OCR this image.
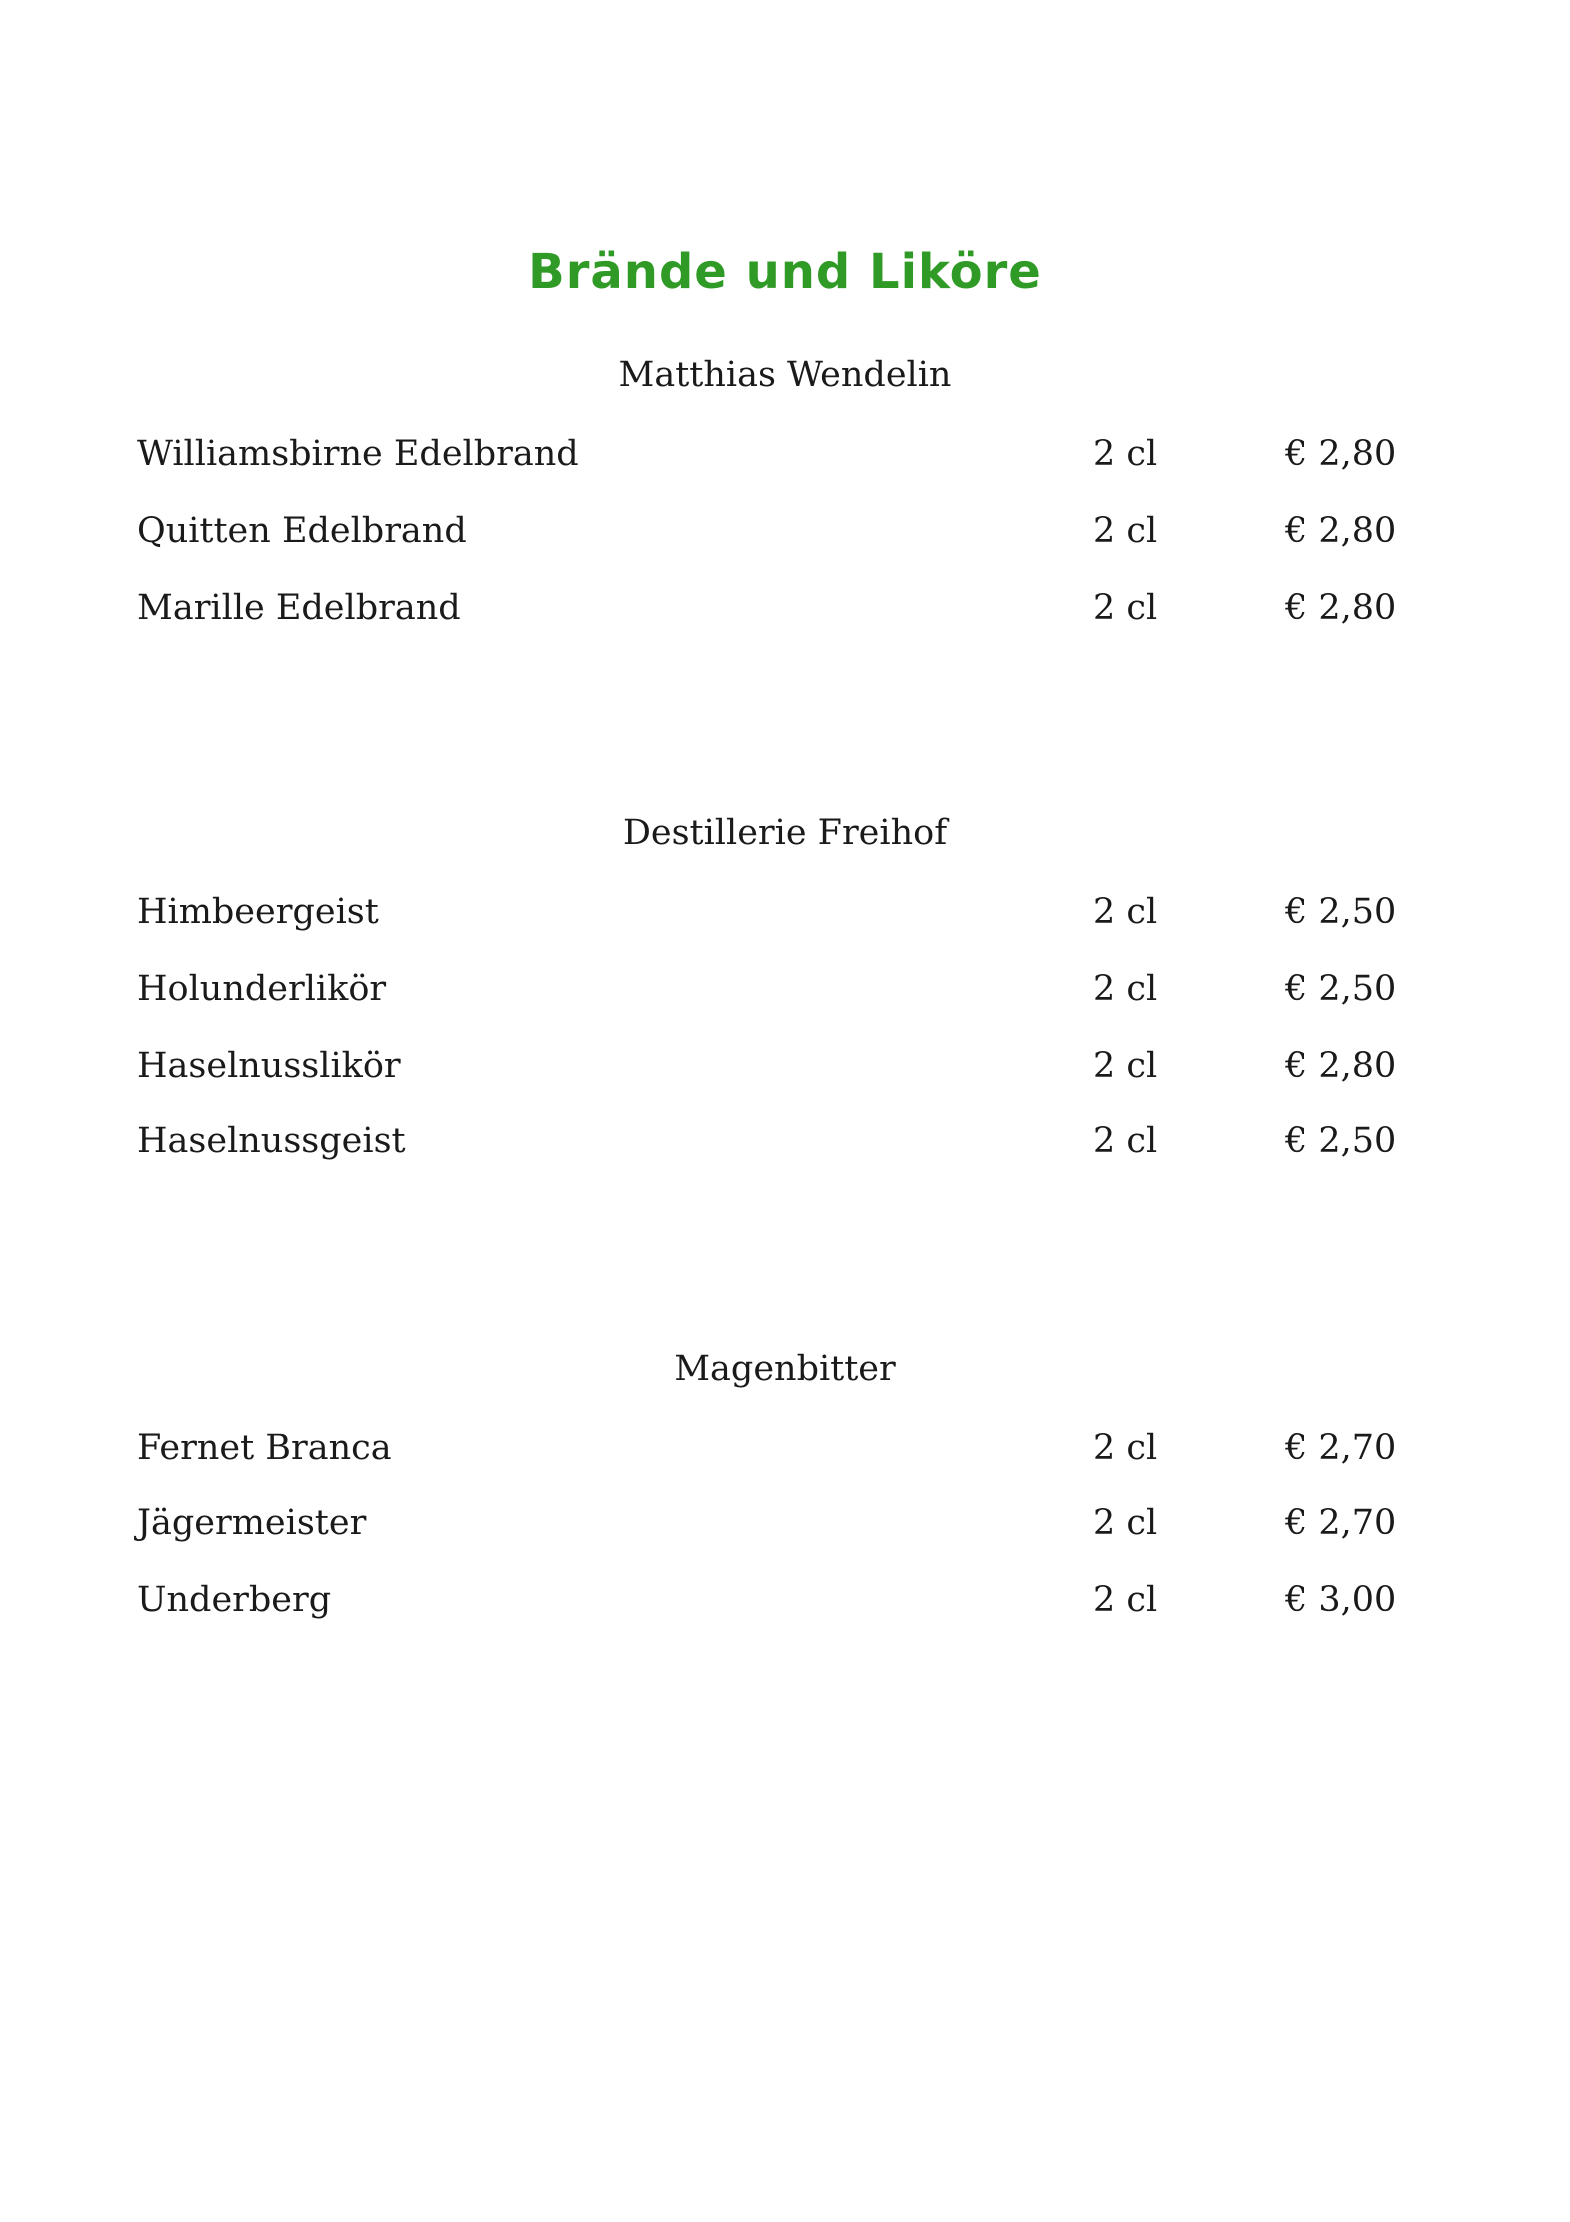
Brände und Liköre
Matthias Wendelin
Williamsbirne Edelbrand	2 cl	€ 2,80
Quitten Edelbrand	2 cl	€ 2,80
Marille Edelbrand	2 cl	€ 2,80
Destillerie Freihof
Himbeergeist	2 cl	€ 2,50
Holunderlikör	2 cl	€ 2,50
Haselnusslikör	2 cl	€ 2,80
Haselnussgeist	2 cl	€ 2,50
Magenbitter
Fernet Branca	2 cl	€ 2,70
Jägermeister	2 cl	€ 2,70
Underberg	2 cl	€ 3,00
